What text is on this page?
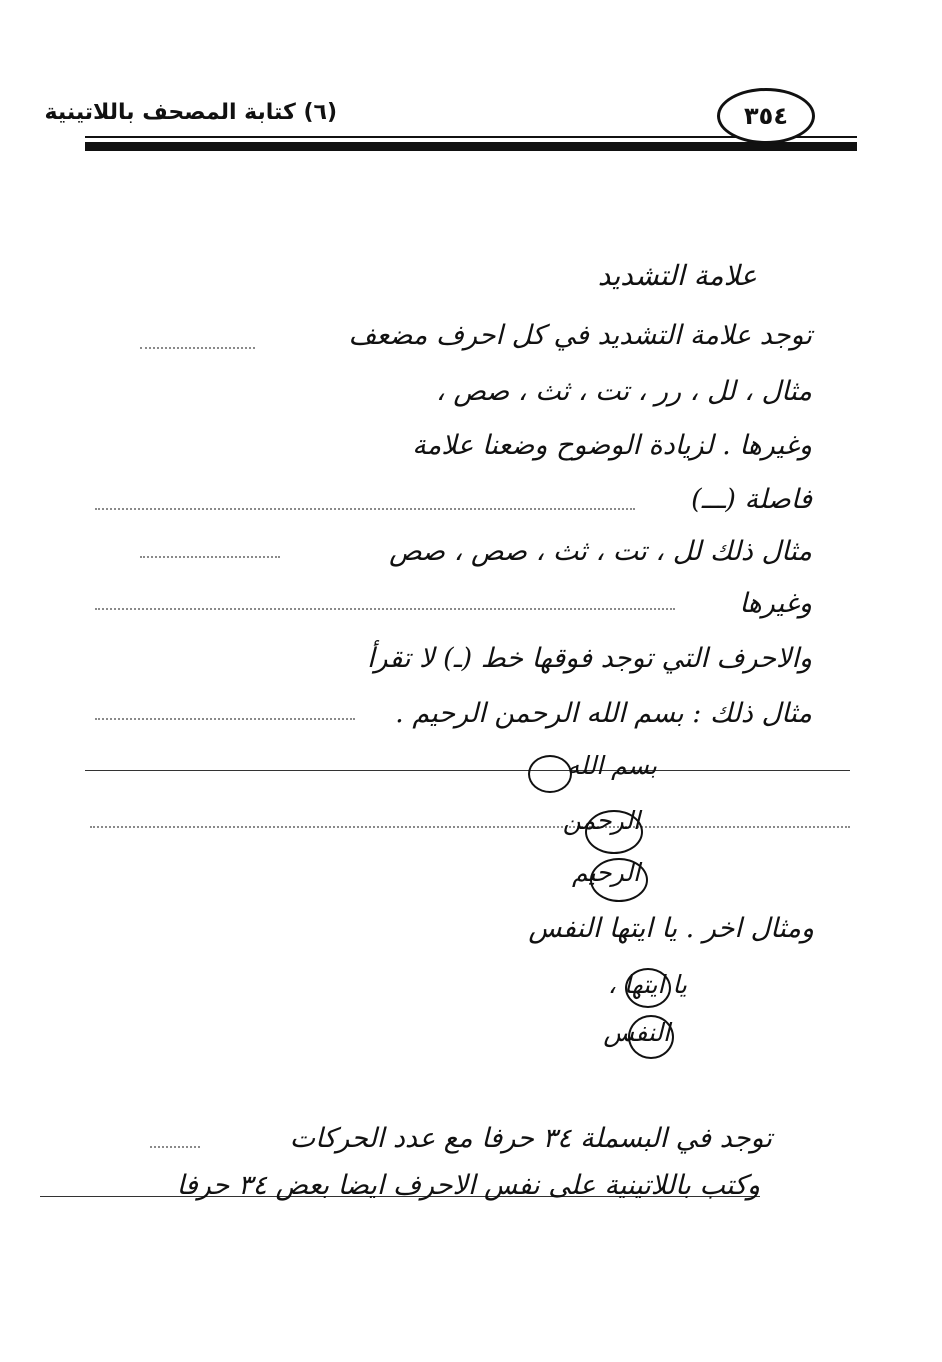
(٦) كتابة المصحف باللاتينية	٣٥٤
علامة التشديد
توجد علامة التشديد في كل احرف مضعف
مثال ، لل ، رر ، تت ، ثث ، صص ،
وغيرها . لزيادة الوضوح وضعنا علامة
فاصلة (ـــ)
مثال ذلك لل ، تت ، ثث ، صص ، صص
وغيرها
والاحرف التي توجد فوقها خط (ـ) لا تقرأ
مثال ذلك : بسم الله الرحمن الرحيم .
بسم الله
الرحمن
الرحيم
ومثال اخر . يا ايتها النفس
يا ايتها ،
النفس
توجد في البسملة ٣٤ حرفا مع عدد الحركات
وكتب باللاتينية على نفس الاحرف ايضا بعض ٣٤ حرفا
